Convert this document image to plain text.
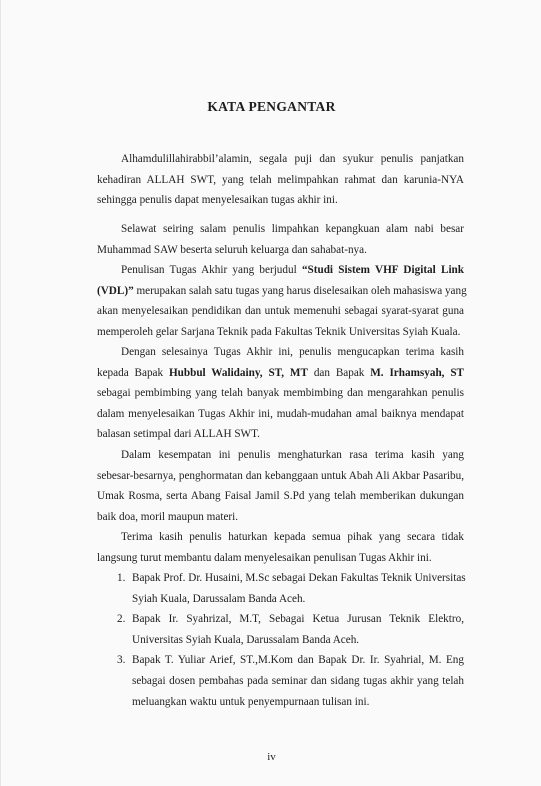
KATA PENGANTAR
Alhamdulillahirabbil’alamin, segala puji dan syukur penulis panjatkan
kehadiran ALLAH SWT, yang telah melimpahkan rahmat dan karunia-NYA
sehingga penulis dapat menyelesaikan tugas akhir ini.
Selawat seiring salam penulis limpahkan kepangkuan alam nabi besar
Muhammad SAW beserta seluruh keluarga dan sahabat-nya.
Penulisan Tugas Akhir yang berjudul “Studi Sistem VHF Digital Link
(VDL)” merupakan salah satu tugas yang harus diselesaikan oleh mahasiswa yang
akan menyelesaikan pendidikan dan untuk memenuhi sebagai syarat-syarat guna
memperoleh gelar Sarjana Teknik pada Fakultas Teknik Universitas Syiah Kuala.
Dengan selesainya Tugas Akhir ini, penulis mengucapkan terima kasih
kepada Bapak Hubbul Walidainy, ST, MT dan Bapak M. Irhamsyah, ST
sebagai pembimbing yang telah banyak membimbing dan mengarahkan penulis
dalam menyelesaikan Tugas Akhir ini, mudah-mudahan amal baiknya mendapat
balasan setimpal dari ALLAH SWT.
Dalam kesempatan ini penulis menghaturkan rasa terima kasih yang
sebesar-besarnya, penghormatan dan kebanggaan untuk Abah Ali Akbar Pasaribu,
Umak Rosma, serta Abang Faisal Jamil S.Pd yang telah memberikan dukungan
baik doa, moril maupun materi.
Terima kasih penulis haturkan kepada semua pihak yang secara tidak
langsung turut membantu dalam menyelesaikan penulisan Tugas Akhir ini.
1. Bapak Prof. Dr. Husaini, M.Sc sebagai Dekan Fakultas Teknik Universitas
Syiah Kuala, Darussalam Banda Aceh.
2. Bapak Ir. Syahrizal, M.T, Sebagai Ketua Jurusan Teknik Elektro,
Universitas Syiah Kuala, Darussalam Banda Aceh.
3. Bapak T. Yuliar Arief, ST.,M.Kom dan Bapak Dr. Ir. Syahrial, M. Eng
sebagai dosen pembahas pada seminar dan sidang tugas akhir yang telah
meluangkan waktu untuk penyempurnaan tulisan ini.
iv
